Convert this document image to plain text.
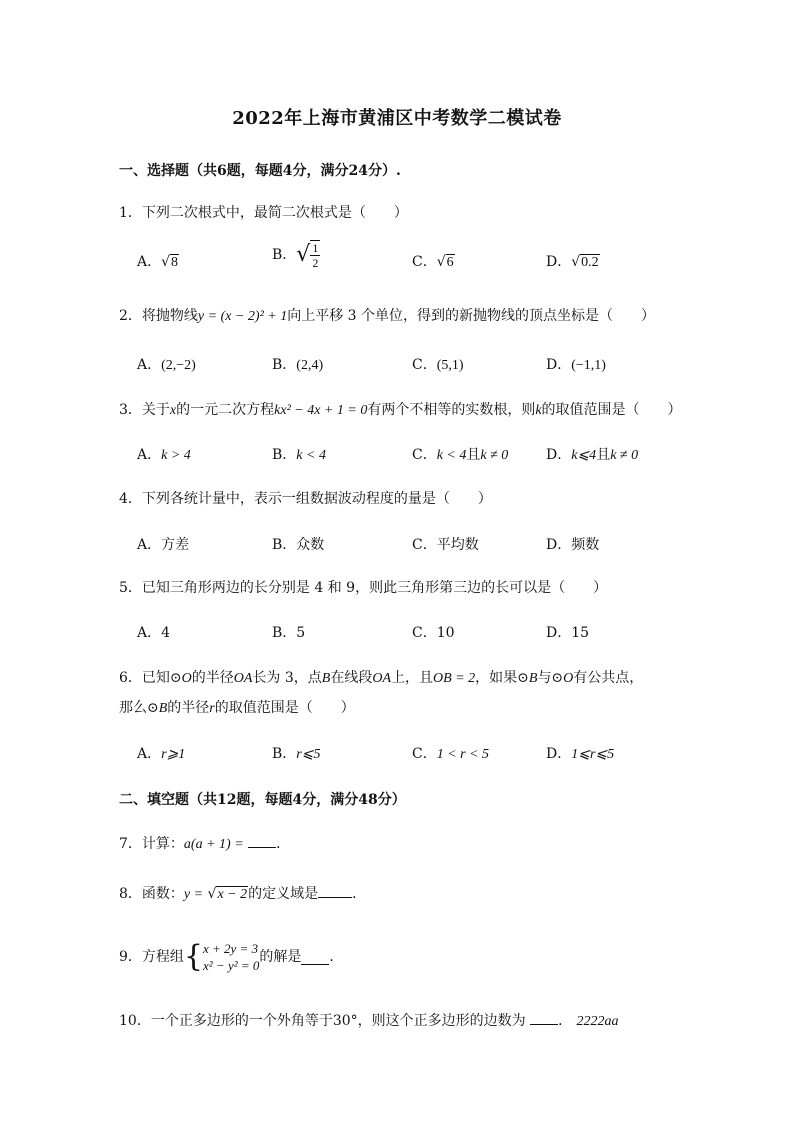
2022年上海市黄浦区中考数学二模试卷
一、选择题（共6题，每题4分，满分24分）.
1．下列二次根式中，最简二次根式是（　　）
A．√8	B．√ $\frac{1}{2}$	C．√6	D．√0.2
2．将抛物线y = (x − 2)² + 1向上平移 3 个单位，得到的新抛物线的顶点坐标是（　　）
A．(2,−2)	B．(2,4)	C．(5,1)	D．(−1,1)
3．关于x的一元二次方程kx² − 4x + 1 = 0有两个不相等的实数根，则k的取值范围是（　　）
A．k > 4	B．k < 4	C．k < 4且k ≠ 0	D．k⩽4且k ≠ 0
4．下列各统计量中，表示一组数据波动程度的量是（　　）
A．方差	B．众数	C．平均数	D．频数
5．已知三角形两边的长分别是 4 和 9，则此三角形第三边的长可以是（　　）
A．4	B．5	C．10	D．15
6．已知⊙O的半径OA长为 3，点B在线段OA上，且OB = 2，如果⊙B与⊙O有公共点，
那么⊙B的半径r的取值范围是（　　）
A．r⩾1	B．r⩽5	C．1 < r < 5	D．1⩽r⩽5
二、填空题（共12题，每题4分，满分48分）
7．计算：a(a + 1) = ．
8．函数：y = √x − 2的定义域是 ．
9．方程组{ x + 2y = 3
x² − y² = 0
的解是 ．
10．一个正多边形的一个外角等于30°，则这个正多边形的边数为 ． 2222aa
